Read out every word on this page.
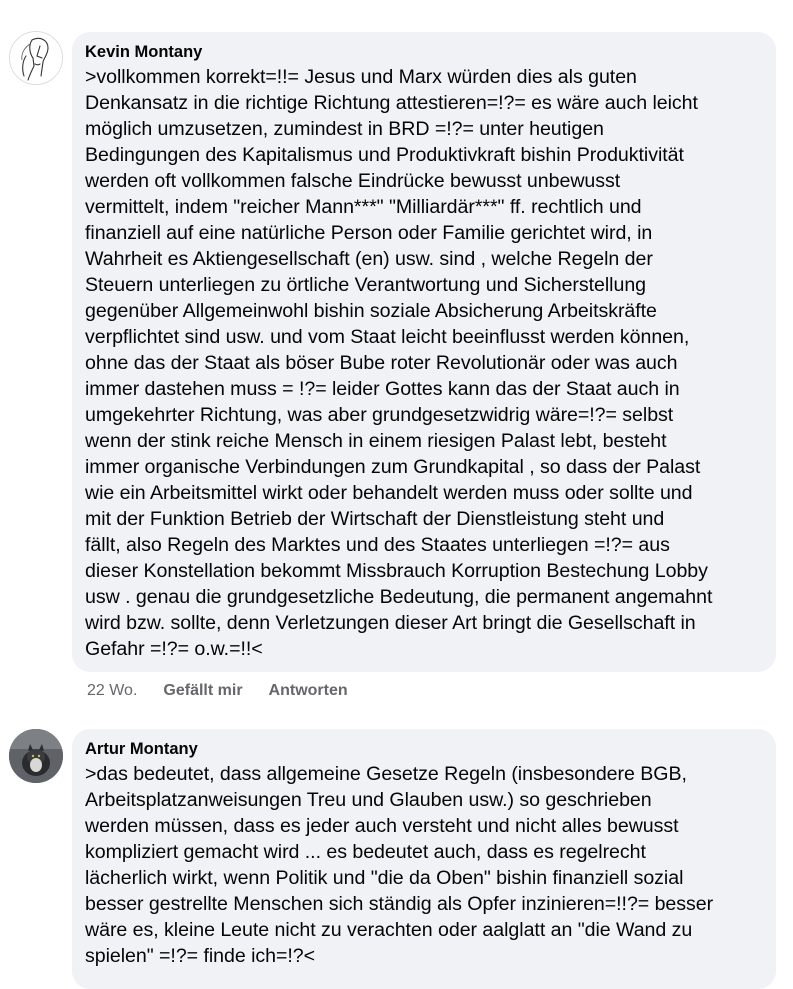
Kevin Montany
>vollkommen korrekt=!!= Jesus und Marx würden dies als guten
Denkansatz in die richtige Richtung attestieren=!?= es wäre auch leicht
möglich umzusetzen, zumindest in BRD =!?= unter heutigen
Bedingungen des Kapitalismus und Produktivkraft bishin Produktivität
werden oft vollkommen falsche Eindrücke bewusst unbewusst
vermittelt, indem "reicher Mann***" "Milliardär***" ff. rechtlich und
finanziell auf eine natürliche Person oder Familie gerichtet wird, in
Wahrheit es Aktiengesellschaft (en) usw. sind , welche Regeln der
Steuern unterliegen zu örtliche Verantwortung und Sicherstellung
gegenüber Allgemeinwohl bishin soziale Absicherung Arbeitskräfte
verpflichtet sind usw. und vom Staat leicht beeinflusst werden können,
ohne das der Staat als böser Bube roter Revolutionär oder was auch
immer dastehen muss = !?= leider Gottes kann das der Staat auch in
umgekehrter Richtung, was aber grundgesetzwidrig wäre=!?= selbst
wenn der stink reiche Mensch in einem riesigen Palast lebt, besteht
immer organische Verbindungen zum Grundkapital , so dass der Palast
wie ein Arbeitsmittel wirkt oder behandelt werden muss oder sollte und
mit der Funktion Betrieb der Wirtschaft der Dienstleistung steht und
fällt, also Regeln des Marktes und des Staates unterliegen =!?= aus
dieser Konstellation bekommt Missbrauch Korruption Bestechung Lobby
usw . genau die grundgesetzliche Bedeutung, die permanent angemahnt
wird bzw. sollte, denn Verletzungen dieser Art bringt die Gesellschaft in
Gefahr =!?= o.w.=!!<
22 Wo. Gefällt mir Antworten
Artur Montany
>das bedeutet, dass allgemeine Gesetze Regeln (insbesondere BGB,
Arbeitsplatzanweisungen Treu und Glauben usw.) so geschrieben
werden müssen, dass es jeder auch versteht und nicht alles bewusst
kompliziert gemacht wird ... es bedeutet auch, dass es regelrecht
lächerlich wirkt, wenn Politik und "die da Oben" bishin finanziell sozial
besser gestrellte Menschen sich ständig als Opfer inzinieren=!!?= besser
wäre es, kleine Leute nicht zu verachten oder aalglatt an "die Wand zu
spielen" =!?= finde ich=!?<
